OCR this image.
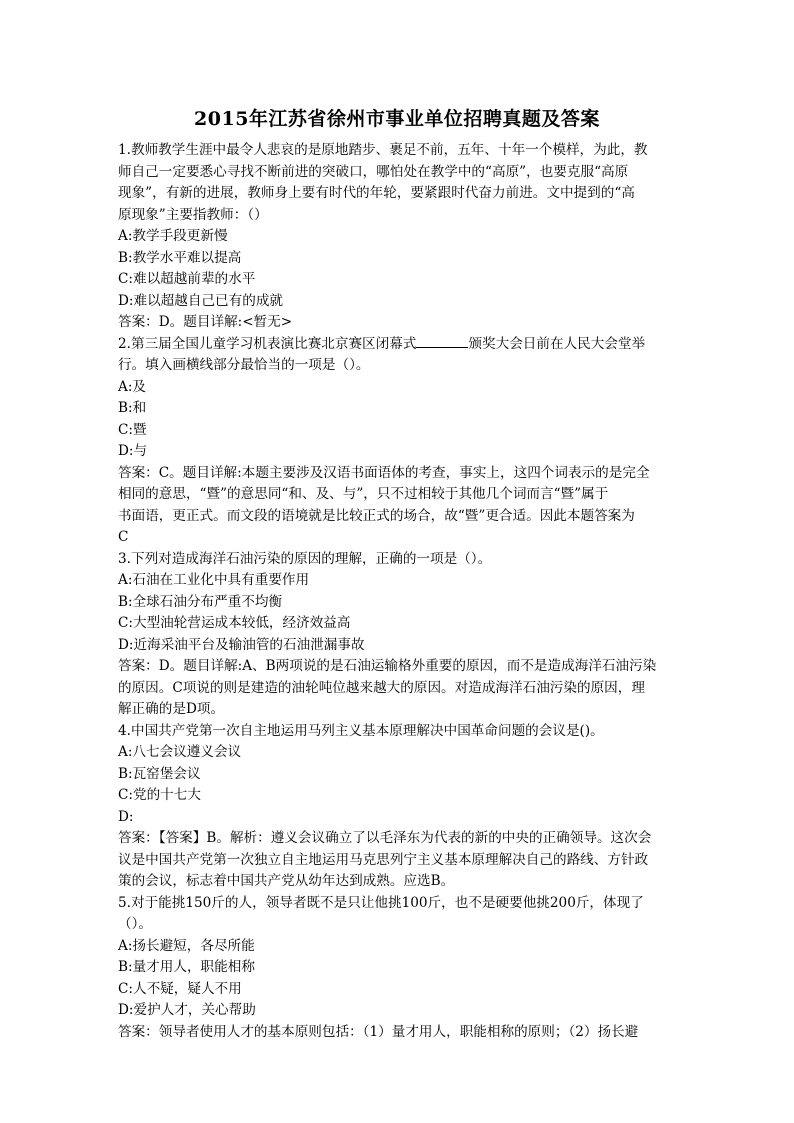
2015年江苏省徐州市事业单位招聘真题及答案
1.教师教学生涯中最令人悲哀的是原地踏步、裹足不前，五年、十年一个模样，为此，教
师自己一定要悉心寻找不断前进的突破口，哪怕处在教学中的“高原”，也要克服“高原
现象”，有新的进展，教师身上要有时代的年轮，要紧跟时代奋力前进。文中提到的“高
原现象”主要指教师：（）
A:教学手段更新慢
B:教学水平难以提高
C:难以超越前辈的水平
D:难以超越自己已有的成就
答案：D。题目详解:<暂无>
2.第三届全国儿童学习机表演比赛北京赛区闭幕式	颁奖大会日前在人民大会堂举
行。填入画横线部分最恰当的一项是（）。
A:及
B:和
C:暨
D:与
答案：C。题目详解:本题主要涉及汉语书面语体的考查，事实上，这四个词表示的是完全
相同的意思，“暨”的意思同“和、及、与”，只不过相较于其他几个词而言“暨”属于
书面语，更正式。而文段的语境就是比较正式的场合，故“暨”更合适。因此本题答案为
C
3.下列对造成海洋石油污染的原因的理解，正确的一项是（）。
A:石油在工业化中具有重要作用
B:全球石油分布严重不均衡
C:大型油轮营运成本较低，经济效益高
D:近海采油平台及输油管的石油泄漏事故
答案：D。题目详解:A、B两项说的是石油运输格外重要的原因，而不是造成海洋石油污染
的原因。C项说的则是建造的油轮吨位越来越大的原因。对造成海洋石油污染的原因，理
解正确的是D项。
4.中国共产党第一次自主地运用马列主义基本原理解决中国革命问题的会议是()。
A:八七会议遵义会议
B:瓦窑堡会议
C:党的十七大
D:
答案：【答案】B。解析：遵义会议确立了以毛泽东为代表的新的中央的正确领导。这次会
议是中国共产党第一次独立自主地运用马克思列宁主义基本原理解决自己的路线、方针政
策的会议，标志着中国共产党从幼年达到成熟。应选B。
5.对于能挑150斤的人，领导者既不是只让他挑100斤，也不是硬要他挑200斤，体现了
（）。
A:扬长避短，各尽所能
B:量才用人，职能相称
C:人不疑，疑人不用
D:爱护人才，关心帮助
答案：领导者使用人才的基本原则包括：（1）量才用人，职能相称的原则；（2）扬长避
